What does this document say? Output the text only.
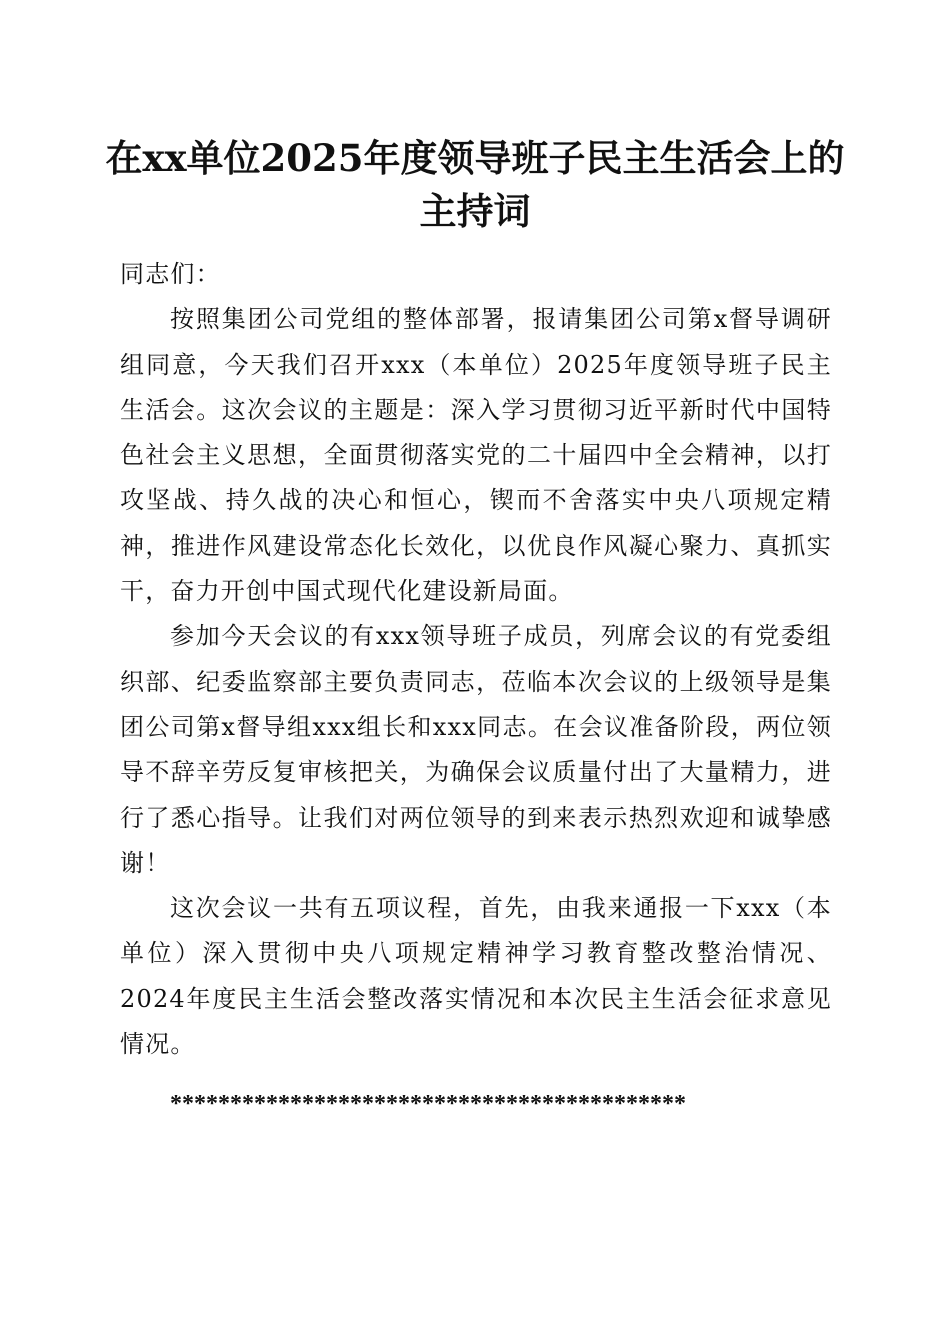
在xx单位2025年度领导班子民主生活会上的
主持词

同志们：

按照集团公司党组的整体部署，报请集团公司第x督导调研组同意，今天我们召开xxx（本单位）2025年度领导班子民主生活会。这次会议的主题是：深入学习贯彻习近平新时代中国特色社会主义思想，全面贯彻落实党的二十届四中全会精神，以打攻坚战、持久战的决心和恒心，锲而不舍落实中央八项规定精神，推进作风建设常态化长效化，以优良作风凝心聚力、真抓实干，奋力开创中国式现代化建设新局面。

参加今天会议的有xxx领导班子成员，列席会议的有党委组织部、纪委监察部主要负责同志，莅临本次会议的上级领导是集团公司第x督导组xxx组长和xxx同志。在会议准备阶段，两位领导不辞辛劳反复审核把关，为确保会议质量付出了大量精力，进行了悉心指导。让我们对两位领导的到来表示热烈欢迎和诚挚感谢！

这次会议一共有五项议程，首先，由我来通报一下xxx（本单位）深入贯彻中央八项规定精神学习教育整改整治情况、2024年度民主生活会整改落实情况和本次民主生活会征求意见情况。

*******************************************
